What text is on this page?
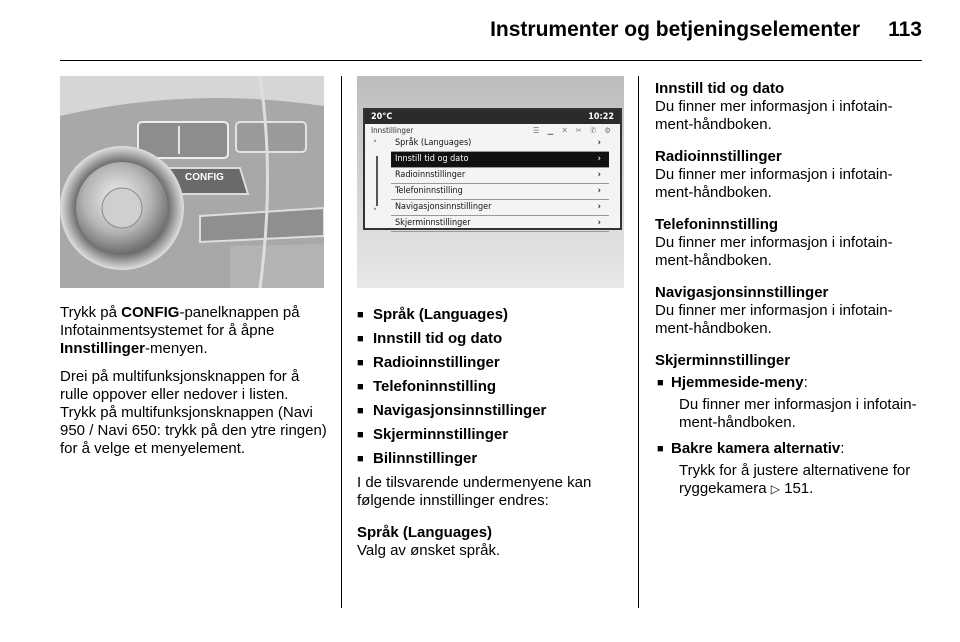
Instrumenter og betjeningselementer	113
CONFIG
20°C	10:22
Innstillinger	☰ ▁ ✕ ✂ ✆ ⚙
˄
˅
Språk (Languages)	›
Innstill tid og dato	›
Radioinnstillinger	›
Telefoninnstilling	›
Navigasjonsinnstillinger	›
Skjerminnstillinger	›

Trykk på CONFIG-panelknappen på Infotainmentsystemet for å åpne Innstillinger-menyen.

Drei på multifunksjonsknappen for å rulle oppover eller nedover i listen. Trykk på multifunksjonsknappen (Navi 950 / Navi 650: trykk på den ytre ringen) for å velge et menyelement.

■ Språk (Languages)
■ Innstill tid og dato
■ Radioinnstillinger
■ Telefoninnstilling
■ Navigasjonsinnstillinger
■ Skjerminnstillinger
■ Bilinnstillinger

I de tilsvarende undermenyene kan følgende innstillinger endres:

Språk (Languages)
Valg av ønsket språk.
Innstill tid og dato
Du finner mer informasjon i infotain-ment-håndboken.
Radioinnstillinger
Du finner mer informasjon i infotain-ment-håndboken.
Telefoninnstilling
Du finner mer informasjon i infotain-ment-håndboken.
Navigasjonsinnstillinger
Du finner mer informasjon i infotain-ment-håndboken.
Skjerminnstillinger
■ Hjemmeside-meny:
Du finner mer informasjon i infotain-ment-håndboken.
■ Bakre kamera alternativ:
Trykk for å justere alternativene for ryggekamera ▷ 151.
